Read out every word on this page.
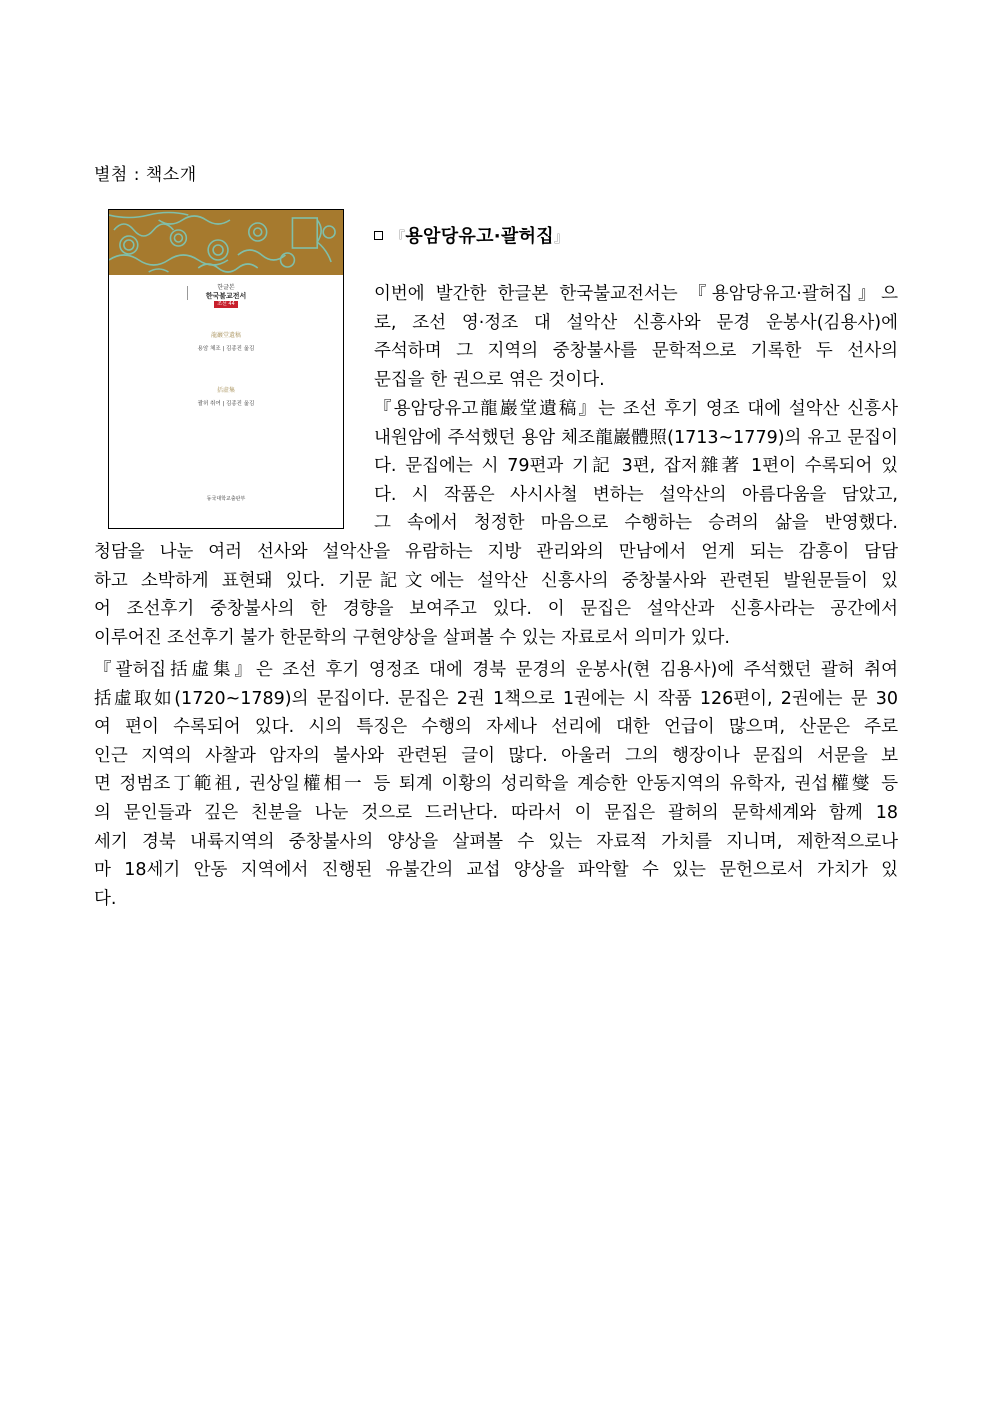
별첨 : 책소개
한글본
한국불교전서
조선 44
龍巖堂遺稿
용암 체조 | 김종진 옮김
括虛集
괄허 취여 | 김종진 옮김
동국대학교출판부
『용암당유고·괄허집』
이번에 발간한 한글본 한국불교전서는 『용암당유고·괄허집』으
로, 조선 영·정조 대 설악산 신흥사와 문경 운봉사(김용사)에
주석하며 그 지역의 중창불사를 문학적으로 기록한 두 선사의
문집을 한 권으로 엮은 것이다.
『용암당유고龍巖堂遺稿』는 조선 후기 영조 대에 설악산 신흥사
내원암에 주석했던 용암 체조龍巖體照(1713~1779)의 유고 문집이
다. 문집에는 시 79편과 기記 3편, 잡저雜著 1편이 수록되어 있
다. 시 작품은 사시사철 변하는 설악산의 아름다움을 담았고,
그 속에서 청정한 마음으로 수행하는 승려의 삶을 반영했다.
청담을 나눈 여러 선사와 설악산을 유람하는 지방 관리와의 만남에서 얻게 되는 감흥이 담담
하고 소박하게 표현돼 있다. 기문記文에는 설악산 신흥사의 중창불사와 관련된 발원문들이 있
어 조선후기 중창불사의 한 경향을 보여주고 있다. 이 문집은 설악산과 신흥사라는 공간에서
이루어진 조선후기 불가 한문학의 구현양상을 살펴볼 수 있는 자료로서 의미가 있다.
『괄허집括虛集』은 조선 후기 영정조 대에 경북 문경의 운봉사(현 김용사)에 주석했던 괄허 취여
括虛取如(1720~1789)의 문집이다. 문집은 2권 1책으로 1권에는 시 작품 126편이, 2권에는 문 30
여 편이 수록되어 있다. 시의 특징은 수행의 자세나 선리에 대한 언급이 많으며, 산문은 주로
인근 지역의 사찰과 암자의 불사와 관련된 글이 많다. 아울러 그의 행장이나 문집의 서문을 보
면 정범조丁範祖, 권상일權相一 등 퇴계 이황의 성리학을 계승한 안동지역의 유학자, 권섭權燮 등
의 문인들과 깊은 친분을 나눈 것으로 드러난다. 따라서 이 문집은 괄허의 문학세계와 함께 18
세기 경북 내륙지역의 중창불사의 양상을 살펴볼 수 있는 자료적 가치를 지니며, 제한적으로나
마 18세기 안동 지역에서 진행된 유불간의 교섭 양상을 파악할 수 있는 문헌으로서 가치가 있
다.
